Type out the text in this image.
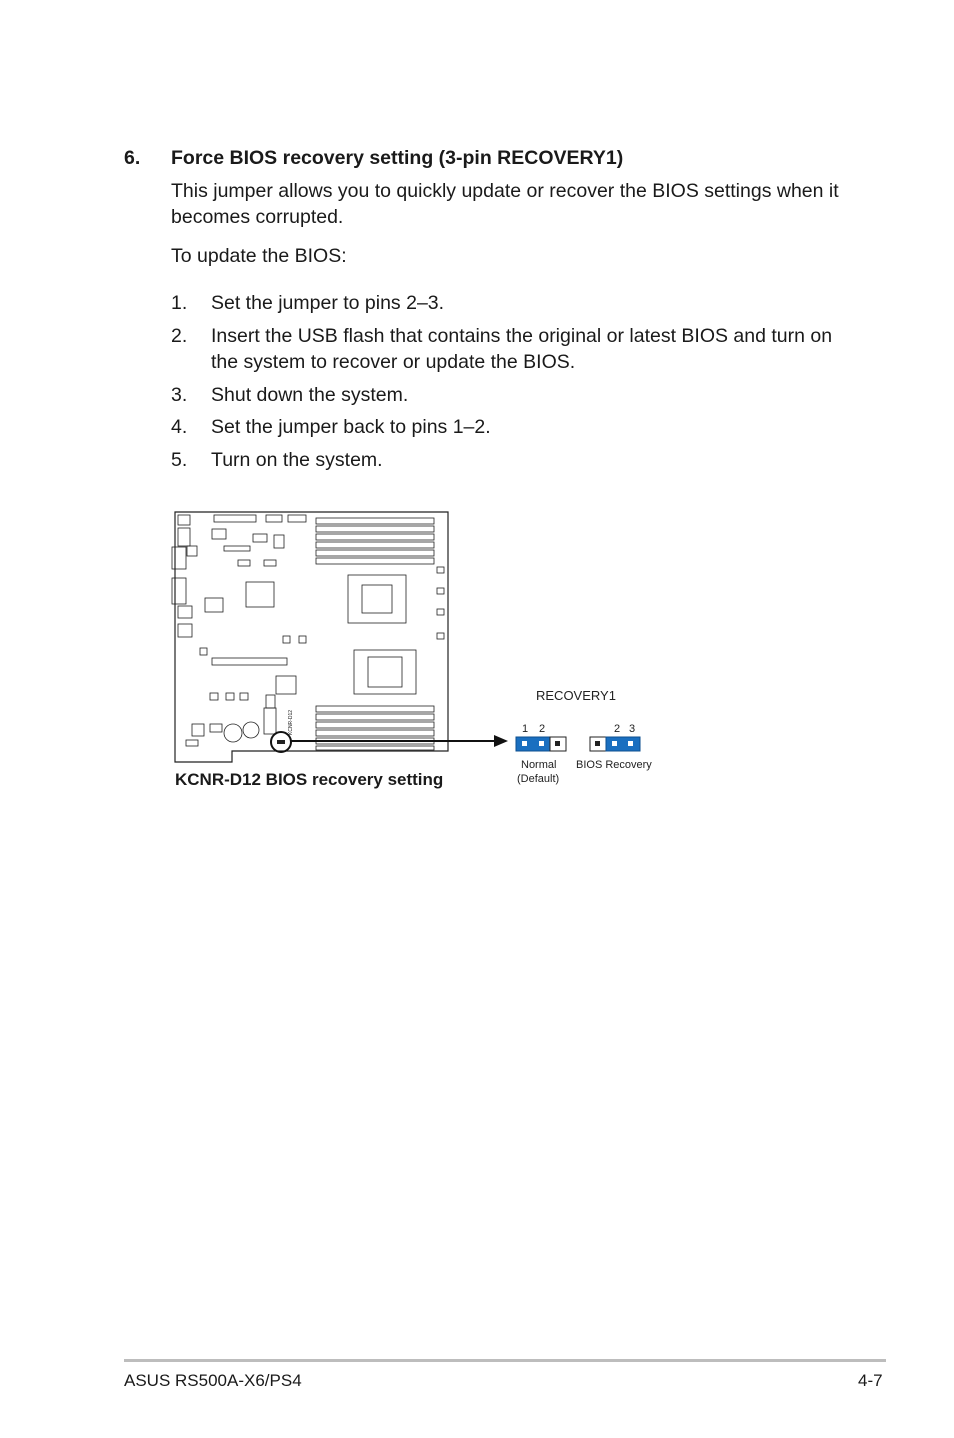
6. Force BIOS recovery setting (3-pin RECOVERY1)
This jumper allows you to quickly update or recover the BIOS settings when it
becomes corrupted.
To update the BIOS:
1. Set the jumper to pins 2–3.
2. Insert the USB flash that contains the original or latest BIOS and turn on
the system to recover or update the BIOS.
3. Shut down the system.
4. Set the jumper back to pins 1–2.
5. Turn on the system.
KCNR-D12
KCNR-D12 BIOS recovery setting
RECOVERY1
1 2
Normal
(Default)
2 3
BIOS Recovery
ASUS RS500A-X6/PS4	4-7
